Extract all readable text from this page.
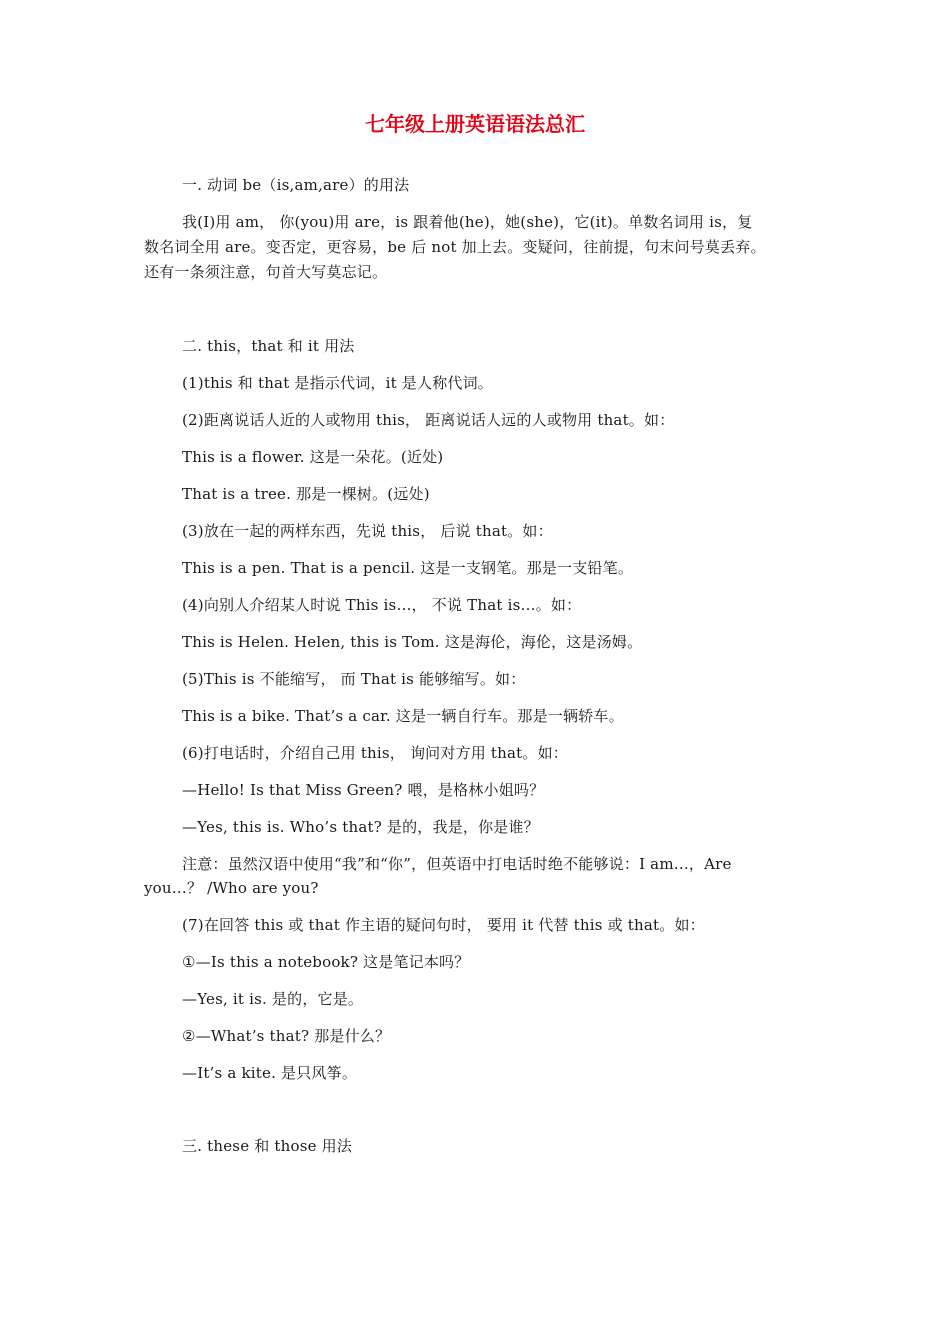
七年级上册英语语法总汇
一. 动词 be（is,am,are）的用法
我(I)用 am， 你(you)用 are，is 跟着他(he)，她(she)，它(it)。单数名词用 is，复
数名词全用 are。变否定，更容易，be 后 not 加上去。变疑问，往前提，句末问号莫丢弃。
还有一条须注意，句首大写莫忘记。
二. this，that 和 it 用法
(1)this 和 that 是指示代词，it 是人称代词。
(2)距离说话人近的人或物用 this， 距离说话人远的人或物用 that。如：
This is a flower. 这是一朵花。(近处)
That is a tree. 那是一棵树。(远处)
(3)放在一起的两样东西，先说 this， 后说 that。如：
This is a pen. That is a pencil. 这是一支钢笔。那是一支铅笔。
(4)向别人介绍某人时说 This is…， 不说 That is…。如：
This is Helen. Helen, this is Tom. 这是海伦，海伦，这是汤姆。
(5)This is 不能缩写， 而 That is 能够缩写。如：
This is a bike. That’s a car. 这是一辆自行车。那是一辆轿车。
(6)打电话时，介绍自己用 this， 询问对方用 that。如：
—Hello! Is that Miss Green? 喂，是格林小姐吗？
—Yes, this is. Who’s that? 是的，我是，你是谁？
注意：虽然汉语中使用“我”和“你”，但英语中打电话时绝不能够说：I am…，Are
you…？ /Who are you?
(7)在回答 this 或 that 作主语的疑问句时， 要用 it 代替 this 或 that。如：
①—Is this a notebook? 这是笔记本吗？
—Yes, it is. 是的，它是。
②—What’s that? 那是什么？
—It’s a kite. 是只风筝。
三. these 和 those 用法
